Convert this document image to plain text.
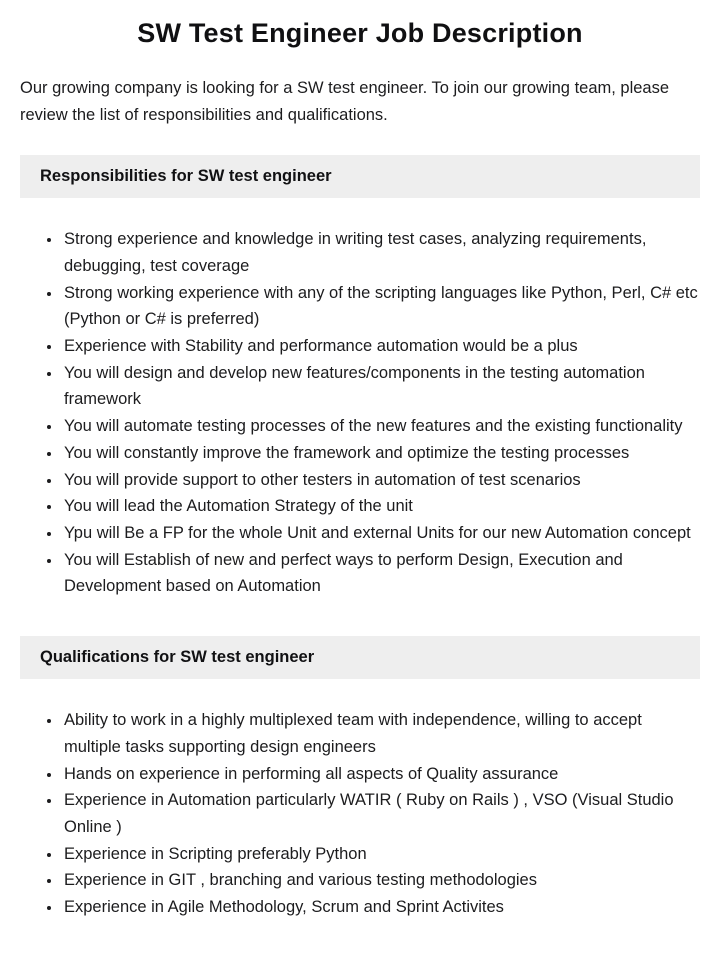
SW Test Engineer Job Description

Our growing company is looking for a SW test engineer. To join our growing team, please review the list of responsibilities and qualifications.

Responsibilities for SW test engineer
• Strong experience and knowledge in writing test cases, analyzing requirements, debugging, test coverage
• Strong working experience with any of the scripting languages like Python, Perl, C# etc (Python or C# is preferred)
• Experience with Stability and performance automation would be a plus
• You will design and develop new features/components in the testing automation framework
• You will automate testing processes of the new features and the existing functionality
• You will constantly improve the framework and optimize the testing processes
• You will provide support to other testers in automation of test scenarios
• You will lead the Automation Strategy of the unit
• Ypu will Be a FP for the whole Unit and external Units for our new Automation concept
• You will Establish of new and perfect ways to perform Design, Execution and Development based on Automation
Qualifications for SW test engineer
• Ability to work in a highly multiplexed team with independence, willing to accept multiple tasks supporting design engineers
• Hands on experience in performing all aspects of Quality assurance
• Experience in Automation particularly WATIR ( Ruby on Rails ) , VSO (Visual Studio Online )
• Experience in Scripting preferably Python
• Experience in GIT , branching and various testing methodologies
• Experience in Agile Methodology, Scrum and Sprint Activites
